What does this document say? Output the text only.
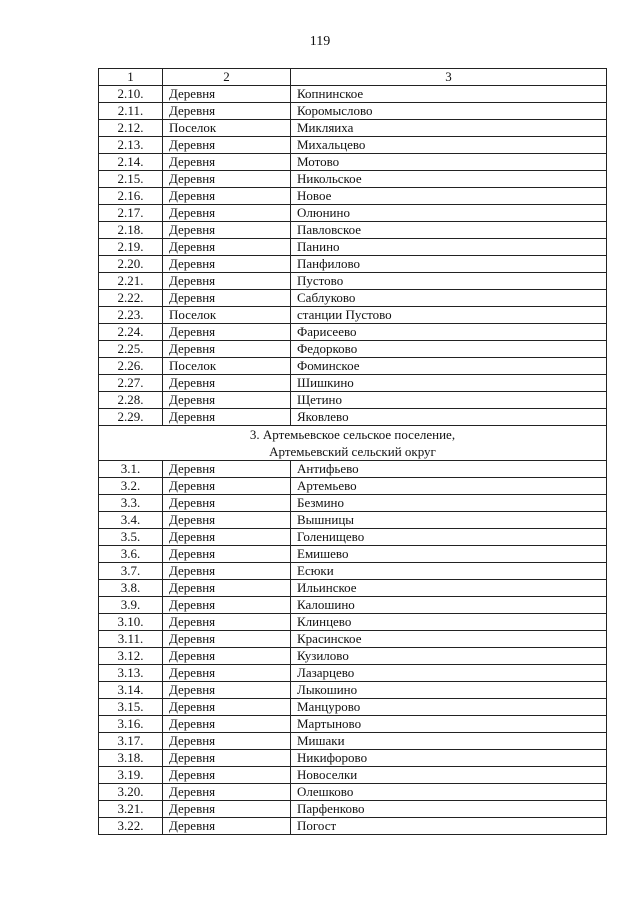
119
1	2	3
2.10.	Деревня	Копнинское
2.11.	Деревня	Коромыслово
2.12.	Поселок	Микляиха
2.13.	Деревня	Михальцево
2.14.	Деревня	Мотово
2.15.	Деревня	Никольское
2.16.	Деревня	Новое
2.17.	Деревня	Олюнино
2.18.	Деревня	Павловское
2.19.	Деревня	Панино
2.20.	Деревня	Панфилово
2.21.	Деревня	Пустово
2.22.	Деревня	Саблуково
2.23.	Поселок	станции Пустово
2.24.	Деревня	Фарисеево
2.25.	Деревня	Федорково
2.26.	Поселок	Фоминское
2.27.	Деревня	Шишкино
2.28.	Деревня	Щетино
2.29.	Деревня	Яковлево
3. Артемьевское сельское поселение,
Артемьевский сельский округ		
3.1.	Деревня	Антифьево
3.2.	Деревня	Артемьево
3.3.	Деревня	Безмино
3.4.	Деревня	Вышницы
3.5.	Деревня	Голенищево
3.6.	Деревня	Емишево
3.7.	Деревня	Есюки
3.8.	Деревня	Ильинское
3.9.	Деревня	Калошино
3.10.	Деревня	Клинцево
3.11.	Деревня	Красинское
3.12.	Деревня	Кузилово
3.13.	Деревня	Лазарцево
3.14.	Деревня	Лыкошино
3.15.	Деревня	Манцурово
3.16.	Деревня	Мартыново
3.17.	Деревня	Мишаки
3.18.	Деревня	Никифорово
3.19.	Деревня	Новоселки
3.20.	Деревня	Олешково
3.21.	Деревня	Парфенково
3.22.	Деревня	Погост
